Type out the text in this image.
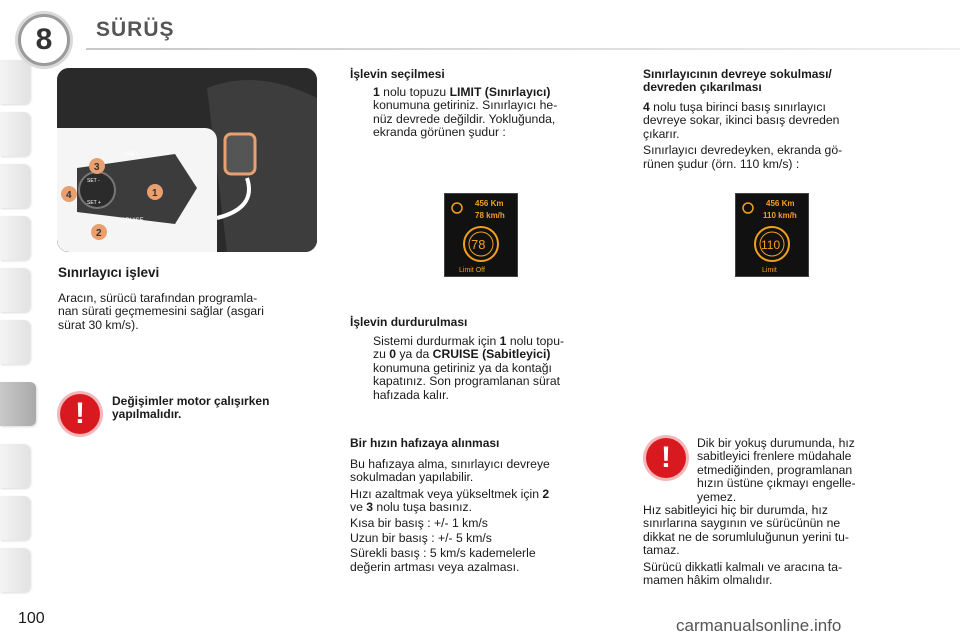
8	SÜRÜŞ
LIMIT
CRUISE
SET -
SET +
3
4	1
2
Sınırlayıcı işlevi
Aracın, sürücü tarafından programla-
nan sürati geçmemesini sağlar (asgari
sürat 30 km/s).
!	Değişimler motor çalışırken
yapılmalıdır.
İşlevin seçilmesi
1 nolu topuzu LIMIT (Sınırlayıcı)
konumuna getiriniz. Sınırlayıcı he-
nüz devrede değildir. Yokluğunda,
ekranda görünen şudur :
456 Km
78 km/h
78
Limit Off
Sınırlayıcının devreye sokulması/
devreden çıkarılması
4 nolu tuşa birinci basış sınırlayıcı
devreye sokar, ikinci basış devreden
çıkarır.
Sınırlayıcı devredeyken, ekranda gö-
rünen şudur (örn. 110 km/s) :
456 Km
110 km/h
110
Limit
İşlevin durdurulması
Sistemi durdurmak için 1 nolu topu-
zu 0 ya da CRUISE (Sabitleyici)
konumuna getiriniz ya da kontağı
kapatınız. Son programlanan sürat
hafızada kalır.
Bir hızın hafızaya alınması
Bu hafızaya alma, sınırlayıcı devreye
sokulmadan yapılabilir.
Hızı azaltmak veya yükseltmek için 2
ve 3 nolu tuşa basınız.
Kısa bir basış : +/- 1 km/s
Uzun bir basış : +/- 5 km/s
Sürekli basış : 5 km/s kademelerle
değerin artması veya azalması.
!	Dik bir yokuş durumunda, hız
sabitleyici frenlere müdahale
etmediğinden, programlanan
hızın üstüne çıkmayı engelle-
yemez.
Hız sabitleyici hiç bir durumda, hız
sınırlarına saygının ve sürücünün ne
dikkat ne de sorumluluğunun yerini tu-
tamaz.
Sürücü dikkatli kalmalı ve aracına ta-
mamen hâkim olmalıdır.
100	carmanualsonline.info
